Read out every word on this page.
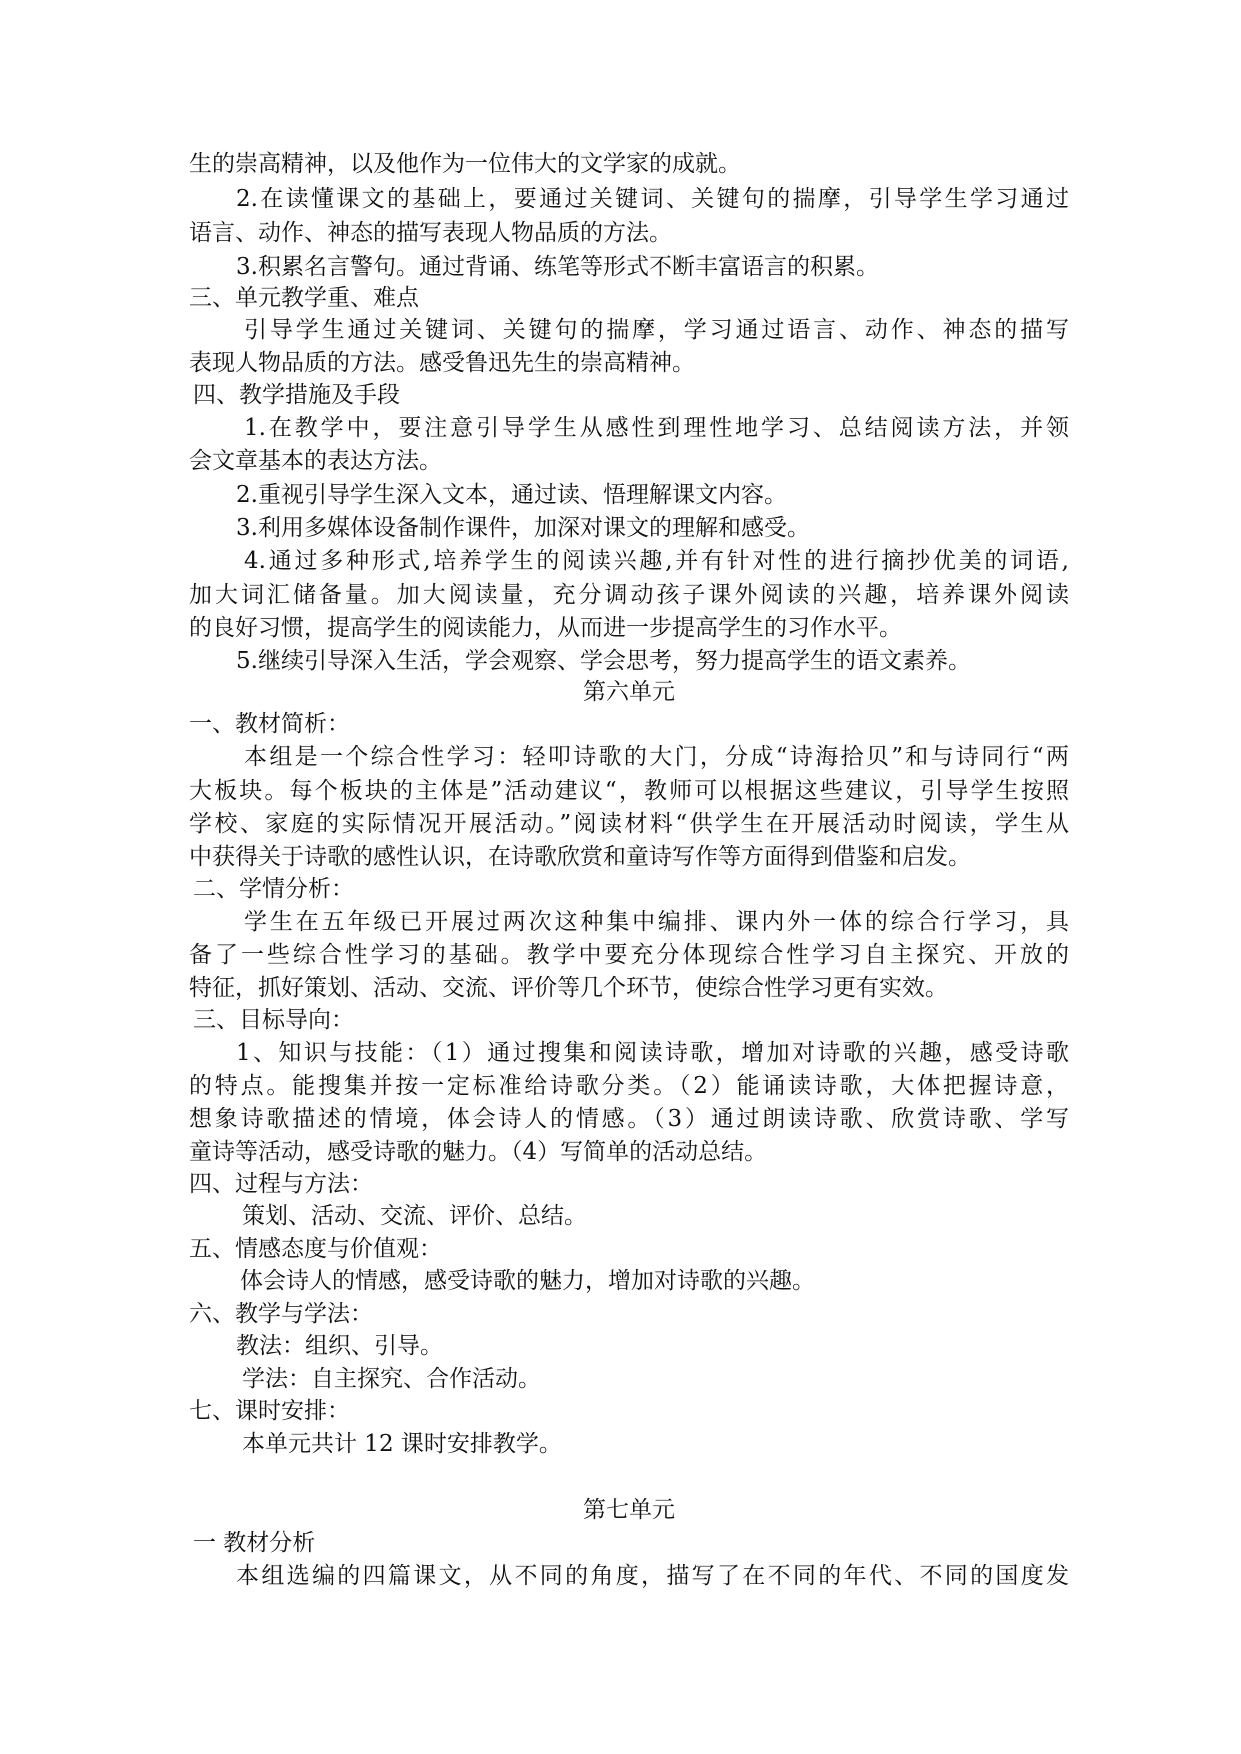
生的崇高精神，以及他作为一位伟大的文学家的成就。
2.在读懂课文的基础上，要通过关键词、关键句的揣摩，引导学生学习通过
语言、动作、神态的描写表现人物品质的方法。
3.积累名言警句。通过背诵、练笔等形式不断丰富语言的积累。
三、单元教学重、难点
引导学生通过关键词、关键句的揣摩，学习通过语言、动作、神态的描写
表现人物品质的方法。感受鲁迅先生的崇高精神。
四、教学措施及手段
1.在教学中，要注意引导学生从感性到理性地学习、总结阅读方法，并领
会文章基本的表达方法。
2.重视引导学生深入文本，通过读、悟理解课文内容。
3.利用多媒体设备制作课件，加深对课文的理解和感受。
4.通过多种形式,培养学生的阅读兴趣,并有针对性的进行摘抄优美的词语,
加大词汇储备量。加大阅读量，充分调动孩子课外阅读的兴趣，培养课外阅读
的良好习惯，提高学生的阅读能力，从而进一步提高学生的习作水平。
5.继续引导深入生活，学会观察、学会思考，努力提高学生的语文素养。
第六单元
一、教材简析：
本组是一个综合性学习：轻叩诗歌的大门，分成“诗海拾贝”和与诗同行“两
大板块。每个板块的主体是”活动建议“，教师可以根据这些建议，引导学生按照
学校、家庭的实际情况开展活动。”阅读材料“供学生在开展活动时阅读，学生从
中获得关于诗歌的感性认识，在诗歌欣赏和童诗写作等方面得到借鉴和启发。
二、学情分析：
学生在五年级已开展过两次这种集中编排、课内外一体的综合行学习，具
备了一些综合性学习的基础。教学中要充分体现综合性学习自主探究、开放的
特征，抓好策划、活动、交流、评价等几个环节，使综合性学习更有实效。
三、目标导向：
1、知识与技能：（1）通过搜集和阅读诗歌，增加对诗歌的兴趣，感受诗歌
的特点。能搜集并按一定标准给诗歌分类。（2）能诵读诗歌，大体把握诗意，
想象诗歌描述的情境，体会诗人的情感。（3）通过朗读诗歌、欣赏诗歌、学写
童诗等活动，感受诗歌的魅力。（4）写简单的活动总结。
四、过程与方法：
策划、活动、交流、评价、总结。
五、情感态度与价值观：
体会诗人的情感，感受诗歌的魅力，增加对诗歌的兴趣。
六、教学与学法：
教法：组织、引导。
学法：自主探究、合作活动。
七、课时安排：
本单元共计 12 课时安排教学。
第七单元
一 教材分析
本组选编的四篇课文，从不同的角度，描写了在不同的年代、不同的国度发
